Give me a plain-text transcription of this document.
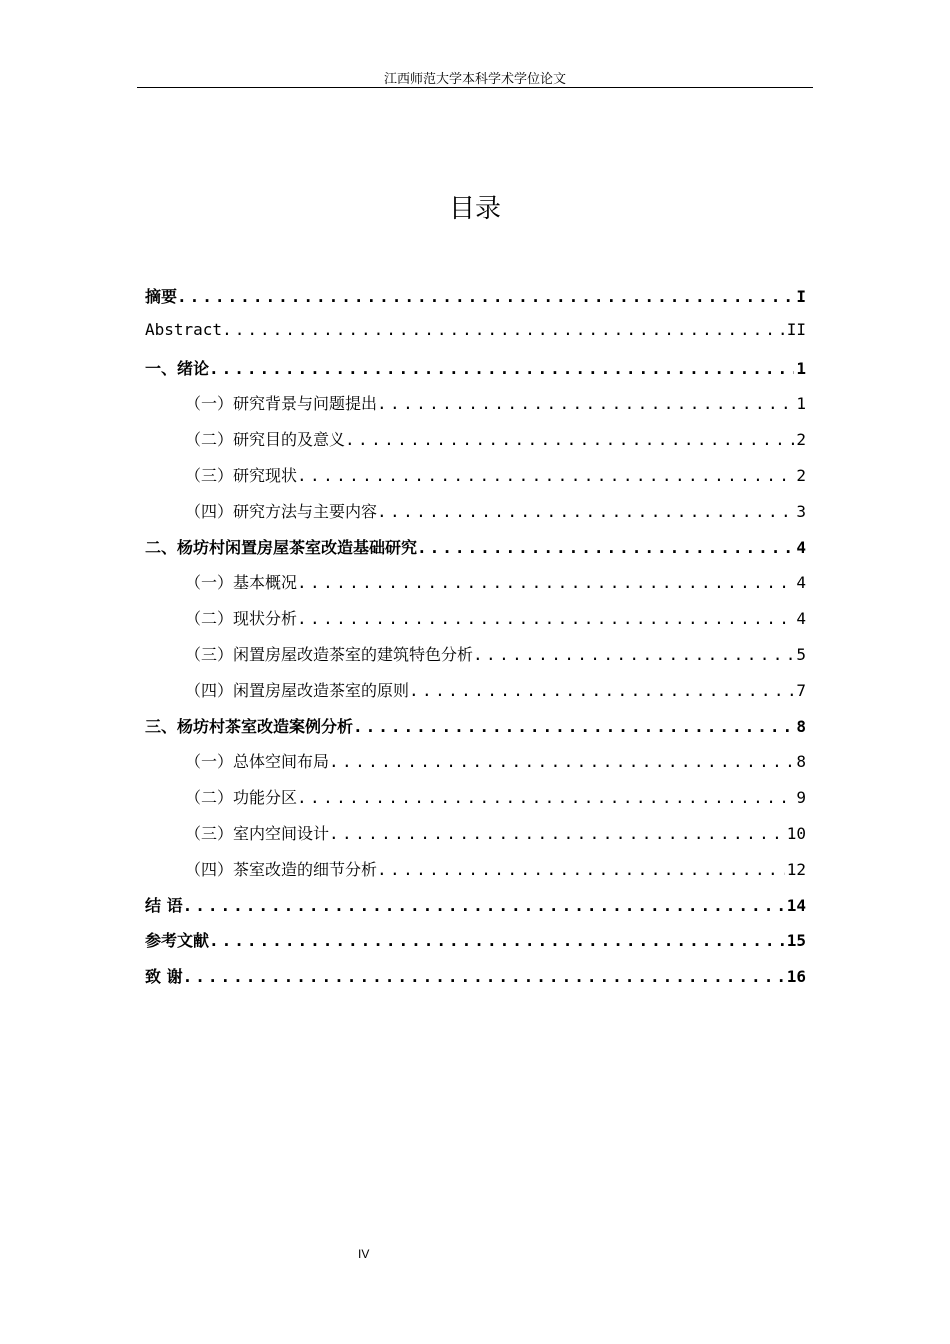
江西师范大学本科学术学位论文
目录
摘要 .....	I
Abstract .....	II
一、绪论 .....	1
（一）研究背景与问题提出 .....	1
（二）研究目的及意义 .....	2
（三）研究现状 .....	2
（四）研究方法与主要内容 .....	3
二、杨坊村闲置房屋茶室改造基础研究 .....	4
（一）基本概况 .....	4
（二）现状分析 .....	4
（三）闲置房屋改造茶室的建筑特色分析 .....	5
（四）闲置房屋改造茶室的原则 .....	7
三、杨坊村茶室改造案例分析 .....	8
（一）总体空间布局 .....	8
（二）功能分区 .....	9
（三）室内空间设计 .....	10
（四）茶室改造的细节分析 .....	12
结 语 .....	14
参考文献 .....	15
致 谢 .....	16
IV
